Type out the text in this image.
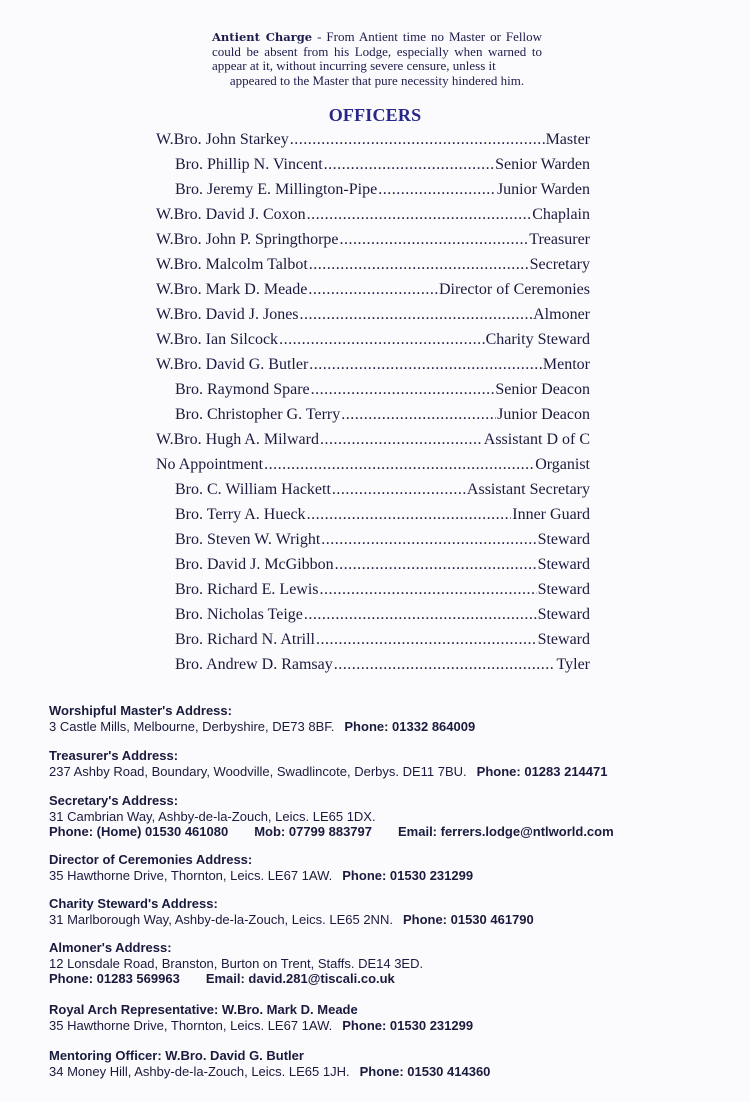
Antient Charge - From Antient time no Master or Fellow could be absent from his Lodge, especially when warned to appear at it, without incurring severe censure, unless it
appeared to the Master that pure necessity hindered him.
OFFICERS
W.Bro. John Starkey .....	Master
Bro. Phillip N. Vincent .....	Senior Warden
Bro. Jeremy E. Millington-Pipe .....	Junior Warden
W.Bro. David J. Coxon .....	Chaplain
W.Bro. John P. Springthorpe .....	Treasurer
W.Bro. Malcolm Talbot .....	Secretary
W.Bro. Mark D. Meade .....	Director of Ceremonies
W.Bro. David J. Jones .....	Almoner
W.Bro. Ian Silcock .....	Charity Steward
W.Bro. David G. Butler .....	Mentor
Bro. Raymond Spare .....	Senior Deacon
Bro. Christopher G. Terry .....	Junior Deacon
W.Bro. Hugh A. Milward .....	Assistant D of C
No Appointment .....	Organist
Bro. C. William Hackett .....	Assistant Secretary
Bro. Terry A. Hueck .....	Inner Guard
Bro. Steven W. Wright .....	Steward
Bro. David J. McGibbon .....	Steward
Bro. Richard E. Lewis .....	Steward
Bro. Nicholas Teige .....	Steward
Bro. Richard N. Atrill .....	Steward
Bro. Andrew D. Ramsay .....	Tyler
Worshipful Master's Address:
3 Castle Mills, Melbourne, Derbyshire, DE73 8BF. Phone: 01332 864009
Treasurer's Address:
237 Ashby Road, Boundary, Woodville, Swadlincote, Derbys. DE11 7BU. Phone: 01283 214471
Secretary's Address:
31 Cambrian Way, Ashby-de-la-Zouch, Leics. LE65 1DX.
Phone: (Home) 01530 461080 Mob: 07799 883797 Email: ferrers.lodge@ntlworld.com
Director of Ceremonies Address:
35 Hawthorne Drive, Thornton, Leics. LE67 1AW. Phone: 01530 231299
Charity Steward's Address:
31 Marlborough Way, Ashby-de-la-Zouch, Leics. LE65 2NN. Phone: 01530 461790
Almoner's Address:
12 Lonsdale Road, Branston, Burton on Trent, Staffs. DE14 3ED.
Phone: 01283 569963 Email: david.281@tiscali.co.uk
Royal Arch Representative: W.Bro. Mark D. Meade
35 Hawthorne Drive, Thornton, Leics. LE67 1AW. Phone: 01530 231299
Mentoring Officer: W.Bro. David G. Butler
34 Money Hill, Ashby-de-la-Zouch, Leics. LE65 1JH. Phone: 01530 414360
